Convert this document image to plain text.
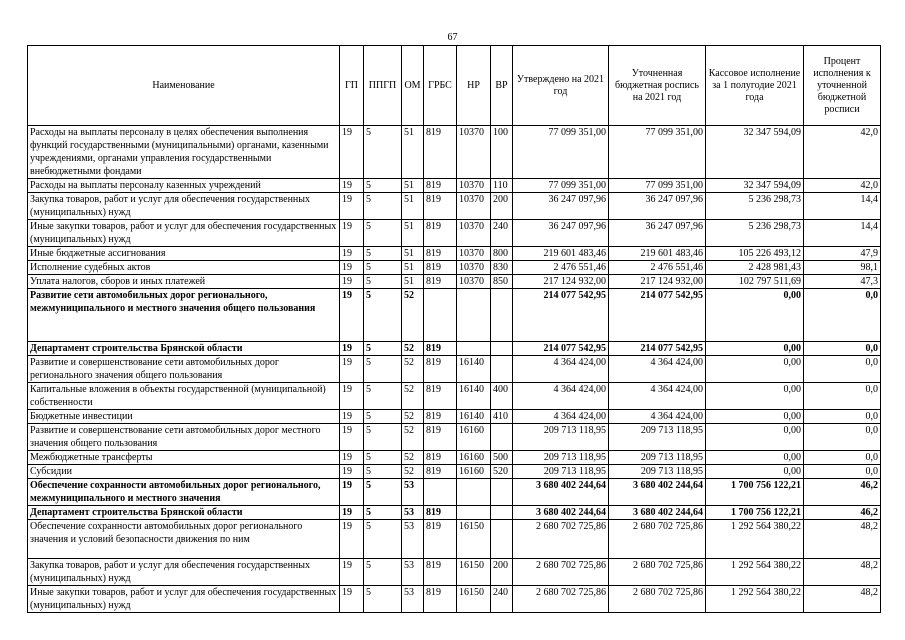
67
Наименование	ГП	ППГП	ОМ	ГРБС	НР	ВР	Утверждено на 2021 год	Уточненная бюджетная роспись на 2021 год	Кассовое исполнение за 1 полугодие 2021 года	Процент исполнения к уточненной бюджетной росписи
Расходы на выплаты персоналу в целях обеспечения выполнения функций государственными (муниципальными) органами, казенными учреждениями, органами управления государственными внебюджетными фондами	19	5	51	819	10370	100	77 099 351,00	77 099 351,00	32 347 594,09	42,0
Расходы на выплаты персоналу казенных учреждений	19	5	51	819	10370	110	77 099 351,00	77 099 351,00	32 347 594,09	42,0
Закупка товаров, работ и услуг для обеспечения государственных (муниципальных) нужд	19	5	51	819	10370	200	36 247 097,96	36 247 097,96	5 236 298,73	14,4
Иные закупки товаров, работ и услуг для обеспечения государственных (муниципальных) нужд	19	5	51	819	10370	240	36 247 097,96	36 247 097,96	5 236 298,73	14,4
Иные бюджетные ассигнования	19	5	51	819	10370	800	219 601 483,46	219 601 483,46	105 226 493,12	47,9
Исполнение судебных актов	19	5	51	819	10370	830	2 476 551,46	2 476 551,46	2 428 981,43	98,1
Уплата налогов, сборов и иных платежей	19	5	51	819	10370	850	217 124 932,00	217 124 932,00	102 797 511,69	47,3
Развитие сети автомобильных дорог регионального, межмуниципального и местного значения общего пользования	19	5	52				214 077 542,95	214 077 542,95	0,00	0,0
Департамент строительства Брянской области	19	5	52	819			214 077 542,95	214 077 542,95	0,00	0,0
Развитие и совершенствование сети автомобильных дорог регионального значения общего пользования	19	5	52	819	16140		4 364 424,00	4 364 424,00	0,00	0,0
Капитальные вложения в объекты государственной (муниципальной) собственности	19	5	52	819	16140	400	4 364 424,00	4 364 424,00	0,00	0,0
Бюджетные инвестиции	19	5	52	819	16140	410	4 364 424,00	4 364 424,00	0,00	0,0
Развитие и совершенствование сети автомобильных дорог местного значения общего пользования	19	5	52	819	16160		209 713 118,95	209 713 118,95	0,00	0,0
Межбюджетные трансферты	19	5	52	819	16160	500	209 713 118,95	209 713 118,95	0,00	0,0
Субсидии	19	5	52	819	16160	520	209 713 118,95	209 713 118,95	0,00	0,0
Обеспечение сохранности автомобильных дорог регионального, межмуниципального и местного значения	19	5	53				3 680 402 244,64	3 680 402 244,64	1 700 756 122,21	46,2
Департамент строительства Брянской области	19	5	53	819			3 680 402 244,64	3 680 402 244,64	1 700 756 122,21	46,2
Обеспечение сохранности автомобильных дорог регионального значения и условий безопасности движения по ним	19	5	53	819	16150		2 680 702 725,86	2 680 702 725,86	1 292 564 380,22	48,2
Закупка товаров, работ и услуг для обеспечения государственных (муниципальных) нужд	19	5	53	819	16150	200	2 680 702 725,86	2 680 702 725,86	1 292 564 380,22	48,2
Иные закупки товаров, работ и услуг для обеспечения государственных (муниципальных) нужд	19	5	53	819	16150	240	2 680 702 725,86	2 680 702 725,86	1 292 564 380,22	48,2
